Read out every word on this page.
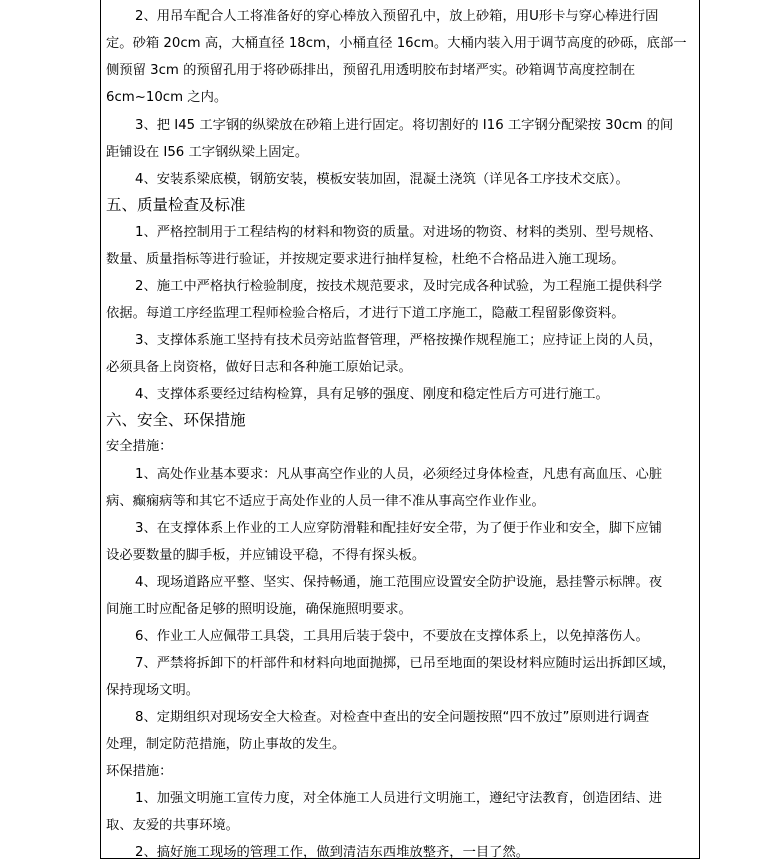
2、用吊车配合人工将准备好的穿心棒放入预留孔中，放上砂箱，用U形卡与穿心棒进行固
定。砂箱 20cm 高，大桶直径 18cm，小桶直径 16cm。大桶内装入用于调节高度的砂砾，底部一
侧预留 3cm 的预留孔用于将砂砾排出，预留孔用透明胶布封堵严实。砂箱调节高度控制在
6cm~10cm 之内。
3、把 I45 工字钢的纵梁放在砂箱上进行固定。将切割好的 I16 工字钢分配梁按 30cm 的间
距铺设在 I56 工字钢纵梁上固定。
4、安装系梁底模，钢筋安装，模板安装加固，混凝土浇筑（详见各工序技术交底）。
五、质量检查及标准
1、严格控制用于工程结构的材料和物资的质量。对进场的物资、材料的类别、型号规格、
数量、质量指标等进行验证，并按规定要求进行抽样复检，杜绝不合格品进入施工现场。
2、施工中严格执行检验制度，按技术规范要求，及时完成各种试验，为工程施工提供科学
依据。每道工序经监理工程师检验合格后，才进行下道工序施工，隐蔽工程留影像资料。
3、支撑体系施工坚持有技术员旁站监督管理，严格按操作规程施工；应持证上岗的人员，
必须具备上岗资格，做好日志和各种施工原始记录。
4、支撑体系要经过结构检算，具有足够的强度、刚度和稳定性后方可进行施工。
六、安全、环保措施
安全措施：
1、高处作业基本要求：凡从事高空作业的人员，必须经过身体检查，凡患有高血压、心脏
病、癫痫病等和其它不适应于高处作业的人员一律不准从事高空作业作业。
3、在支撑体系上作业的工人应穿防滑鞋和配挂好安全带，为了便于作业和安全，脚下应铺
设必要数量的脚手板，并应铺设平稳，不得有探头板。
4、现场道路应平整、坚实、保持畅通，施工范围应设置安全防护设施，悬挂警示标牌。夜
间施工时应配备足够的照明设施，确保施照明要求。
6、作业工人应佩带工具袋，工具用后装于袋中，不要放在支撑体系上，以免掉落伤人。
7、严禁将拆卸下的杆部件和材料向地面抛掷，已吊至地面的架设材料应随时运出拆卸区域，
保持现场文明。
8、定期组织对现场安全大检查。对检查中查出的安全问题按照“四不放过”原则进行调查
处理，制定防范措施，防止事故的发生。
环保措施：
1、加强文明施工宣传力度，对全体施工人员进行文明施工，遵纪守法教育，创造团结、进
取、友爱的共事环境。
2、搞好施工现场的管理工作，做到清洁东西堆放整齐，一目了然。
